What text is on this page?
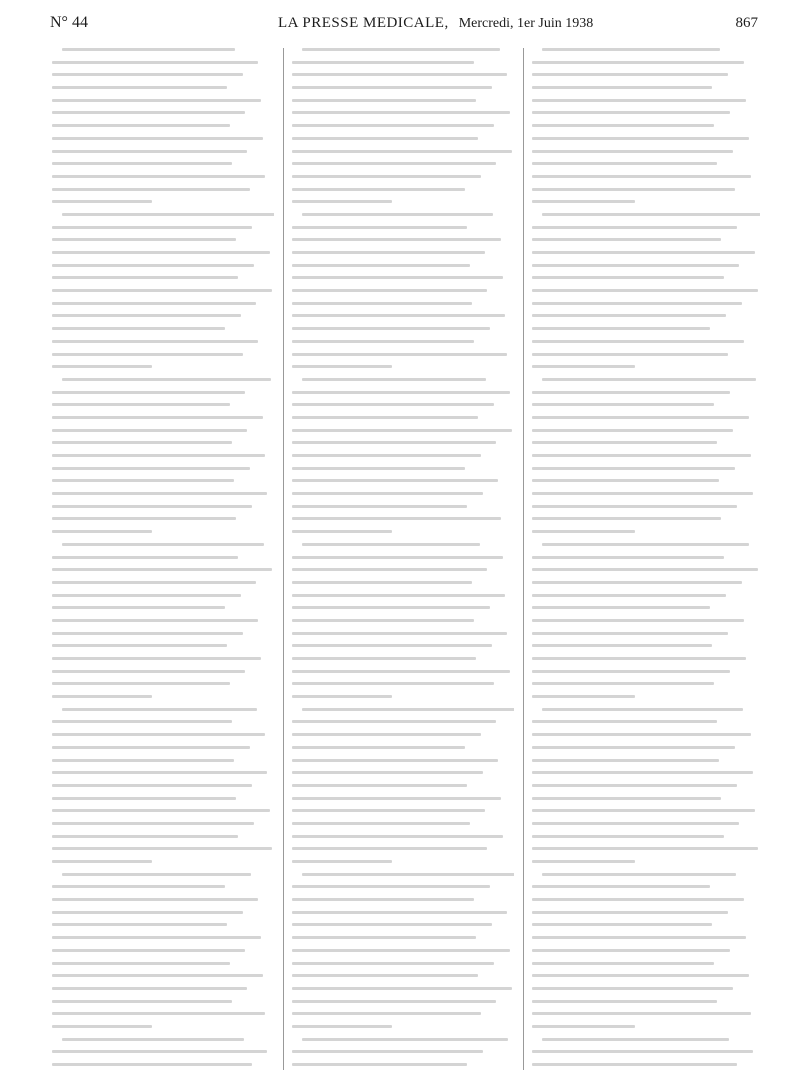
N° 44	LA PRESSE MEDICALE, Mercredi, 1er Juin 1938	867
